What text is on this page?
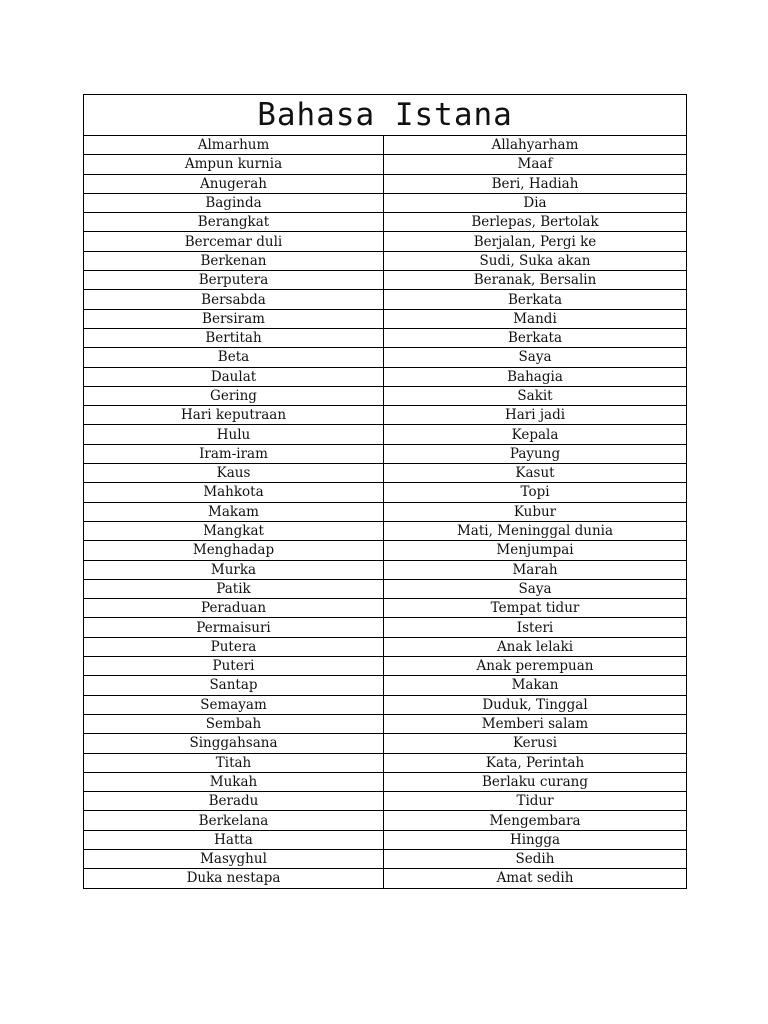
Bahasa Istana	
Almarhum	Allahyarham
Ampun kurnia	Maaf
Anugerah	Beri, Hadiah
Baginda	Dia
Berangkat	Berlepas, Bertolak
Bercemar duli	Berjalan, Pergi ke
Berkenan	Sudi, Suka akan
Berputera	Beranak, Bersalin
Bersabda	Berkata
Bersiram	Mandi
Bertitah	Berkata
Beta	Saya
Daulat	Bahagia
Gering	Sakit
Hari keputraan	Hari jadi
Hulu	Kepala
Iram-iram	Payung
Kaus	Kasut
Mahkota	Topi
Makam	Kubur
Mangkat	Mati, Meninggal dunia
Menghadap	Menjumpai
Murka	Marah
Patik	Saya
Peraduan	Tempat tidur
Permaisuri	Isteri
Putera	Anak lelaki
Puteri	Anak perempuan
Santap	Makan
Semayam	Duduk, Tinggal
Sembah	Memberi salam
Singgahsana	Kerusi
Titah	Kata, Perintah
Mukah	Berlaku curang
Beradu	Tidur
Berkelana	Mengembara
Hatta	Hingga
Masyghul	Sedih
Duka nestapa	Amat sedih
